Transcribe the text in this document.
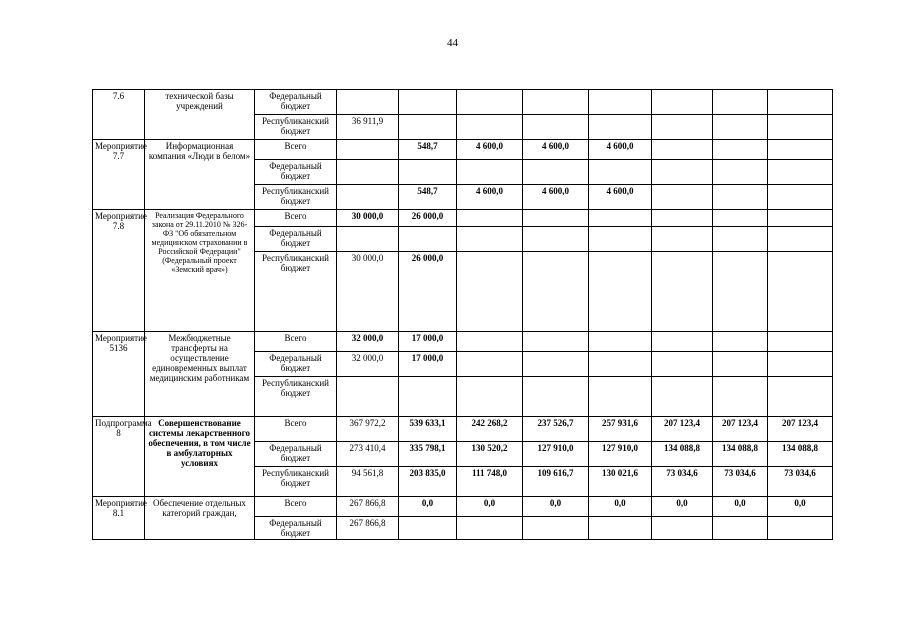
44
7.6	технической базы учреждений	Федеральный бюджет								
		Республиканский бюджет	36 911,9							
Мероприятие 7.7	Информационная компания «Люди в белом»	Всего		548,7	4 600,0	4 600,0	4 600,0			
		Федеральный бюджет								
		Республиканский бюджет		548,7	4 600,0	4 600,0	4 600,0			
Мероприятие 7.8	Реализация Федерального закона от 29.11.2010 № 326-ФЗ "Об обязательном медицинском страховании в Российской Федерации" (Федеральный проект «Земский врач»)	Всего	30 000,0	26 000,0						
		Федеральный бюджет								
		Республиканский бюджет	30 000,0	26 000,0						
Мероприятие 5136	Межбюджетные трансферты на осуществление единовременных выплат медицинским работникам	Всего	32 000,0	17 000,0						
		Федеральный бюджет	32 000,0	17 000,0						
		Республиканский бюджет								
Подпрограмма 8	Совершенствование системы лекарственного обеспечения, в том числе в амбулаторных условиях	Всего	367 972,2	539 633,1	242 268,2	237 526,7	257 931,6	207 123,4	207 123,4	207 123,4
		Федеральный бюджет	273 410,4	335 798,1	130 520,2	127 910,0	127 910,0	134 088,8	134 088,8	134 088,8
		Республиканский бюджет	94 561,8	203 835,0	111 748,0	109 616,7	130 021,6	73 034,6	73 034,6	73 034,6
Мероприятие 8.1	Обеспечение отдельных категорий граждан,	Всего	267 866,8	0,0	0,0	0,0	0,0	0,0	0,0	0,0
		Федеральный бюджет	267 866,8							
